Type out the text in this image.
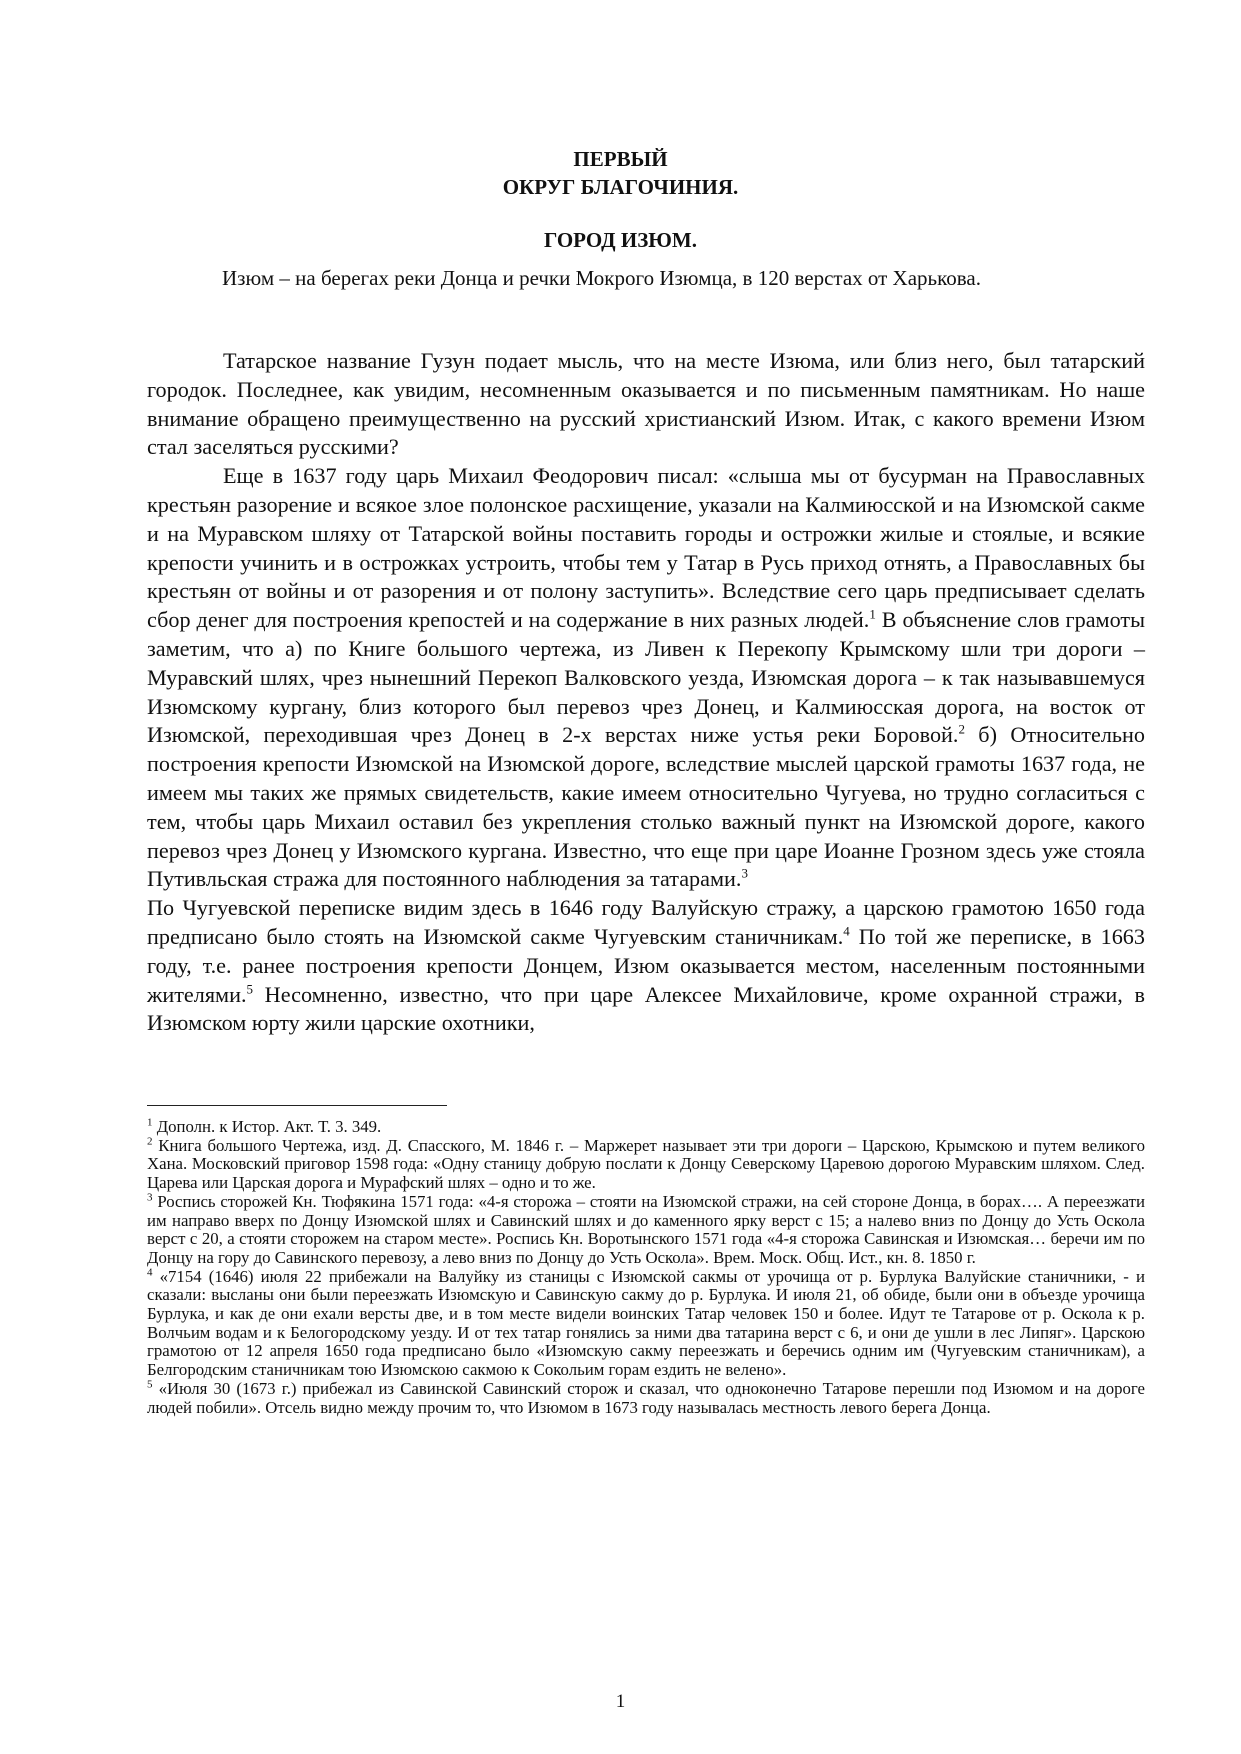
ПЕРВЫЙ

ОКРУГ БЛАГОЧИНИЯ.

ГОРОД ИЗЮМ.

Изюм – на берегах реки Донца и речки Мокрого Изюмца, в 120 верстах от Харькова.

Татарское название Гузун подает мысль, что на месте Изюма, или близ него, был татарский городок. Последнее, как увидим, несомненным оказывается и по письменным памятникам. Но наше внимание обращено преимущественно на русский христианский Изюм. Итак, с какого времени Изюм стал заселяться русскими?

Еще в 1637 году царь Михаил Феодорович писал: «слыша мы от бусурман на Православных крестьян разорение и всякое злое полонское расхищение, указали на Калмиюсской и на Изюмской сакме и на Муравском шляху от Татарской войны поставить городы и острожки жилые и стоялые, и всякие крепости учинить и в острожках устроить, чтобы тем у Татар в Русь приход отнять, а Православных бы крестьян от войны и от разорения и от полону заступить». Вследствие сего царь предписывает сделать сбор денег для построения крепостей и на содержание в них разных людей.$^1$ В объяснение слов грамоты заметим, что а) по Книге большого чертежа, из Ливен к Перекопу Крымскому шли три дороги – Муравский шлях, чрез нынешний Перекоп Валковского уезда, Изюмская дорога – к так называвшемуся Изюмскому кургану, близ которого был перевоз чрез Донец, и Калмиюсская дорога, на восток от Изюмской, переходившая чрез Донец в 2-х верстах ниже устья реки Боровой.$^2$ б) Относительно построения крепости Изюмской на Изюмской дороге, вследствие мыслей царской грамоты 1637 года, не имеем мы таких же прямых свидетельств, какие имеем относительно Чугуева, но трудно согласиться с тем, чтобы царь Михаил оставил без укрепления столько важный пункт на Изюмской дороге, какого перевоз чрез Донец у Изюмского кургана. Известно, что еще при царе Иоанне Грозном здесь уже стояла Путивльская стража для постоянного наблюдения за татарами.$^3$

По Чугуевской переписке видим здесь в 1646 году Валуйскую стражу, а царскою грамотою 1650 года предписано было стоять на Изюмской сакме Чугуевским станичникам.$^4$ По той же переписке, в 1663 году, т.е. ранее построения крепости Донцем, Изюм оказывается местом, населенным постоянными жителями.$^5$ Несомненно, известно, что при царе Алексее Михайловиче, кроме охранной стражи, в Изюмском юрту жили царские охотники,

$^1$ Дополн. к Истор. Акт. Т. 3. 349.

$^2$ Книга большого Чертежа, изд. Д. Спасского, М. 1846 г. – Маржерет называет эти три дороги – Царскою, Крымскою и путем великого Хана. Московский приговор 1598 года: «Одну станицу добрую послати к Донцу Северскому Царевою дорогою Муравским шляхом. След. Царева или Царская дорога и Мурафский шлях – одно и то же.

$^3$ Роспись сторожей Кн. Тюфякина 1571 года: «4-я сторожа – стояти на Изюмской стражи, на сей стороне Донца, в борах…. А переезжати им направо вверх по Донцу Изюмской шлях и Савинский шлях и до каменного ярку верст с 15; а налево вниз по Донцу до Усть Оскола верст с 20, а стояти сторожем на старом месте». Роспись Кн. Воротынского 1571 года «4-я сторожа Савинская и Изюмская… беречи им по Донцу на гору до Савинского перевозу, а лево вниз по Донцу до Усть Оскола». Врем. Моск. Общ. Ист., кн. 8. 1850 г.

$^4$ «7154 (1646) июля 22 прибежали на Валуйку из станицы с Изюмской сакмы от урочища от р. Бурлука Валуйские станичники, - и сказали: высланы они были переезжать Изюмскую и Савинскую сакму до р. Бурлука. И июля 21, об обиде, были они в объезде урочища Бурлука, и как де они ехали версты две, и в том месте видели воинских Татар человек 150 и более. Идут те Татарове от р. Оскола к р. Волчьим водам и к Белогородскому уезду. И от тех татар гонялись за ними два татарина верст с 6, и они де ушли в лес Липяг». Царскою грамотою от 12 апреля 1650 года предписано было «Изюмскую сакму переезжать и беречись одним им (Чугуевским станичникам), а Белгородским станичникам тою Изюмскою сакмою к Сокольим горам ездить не велено».

$^5$ «Июля 30 (1673 г.) прибежал из Савинской Савинский сторож и сказал, что одноконечно Татарове перешли под Изюмом и на дороге людей побили». Отсель видно между прочим то, что Изюмом в 1673 году называлась местность левого берега Донца.

1
